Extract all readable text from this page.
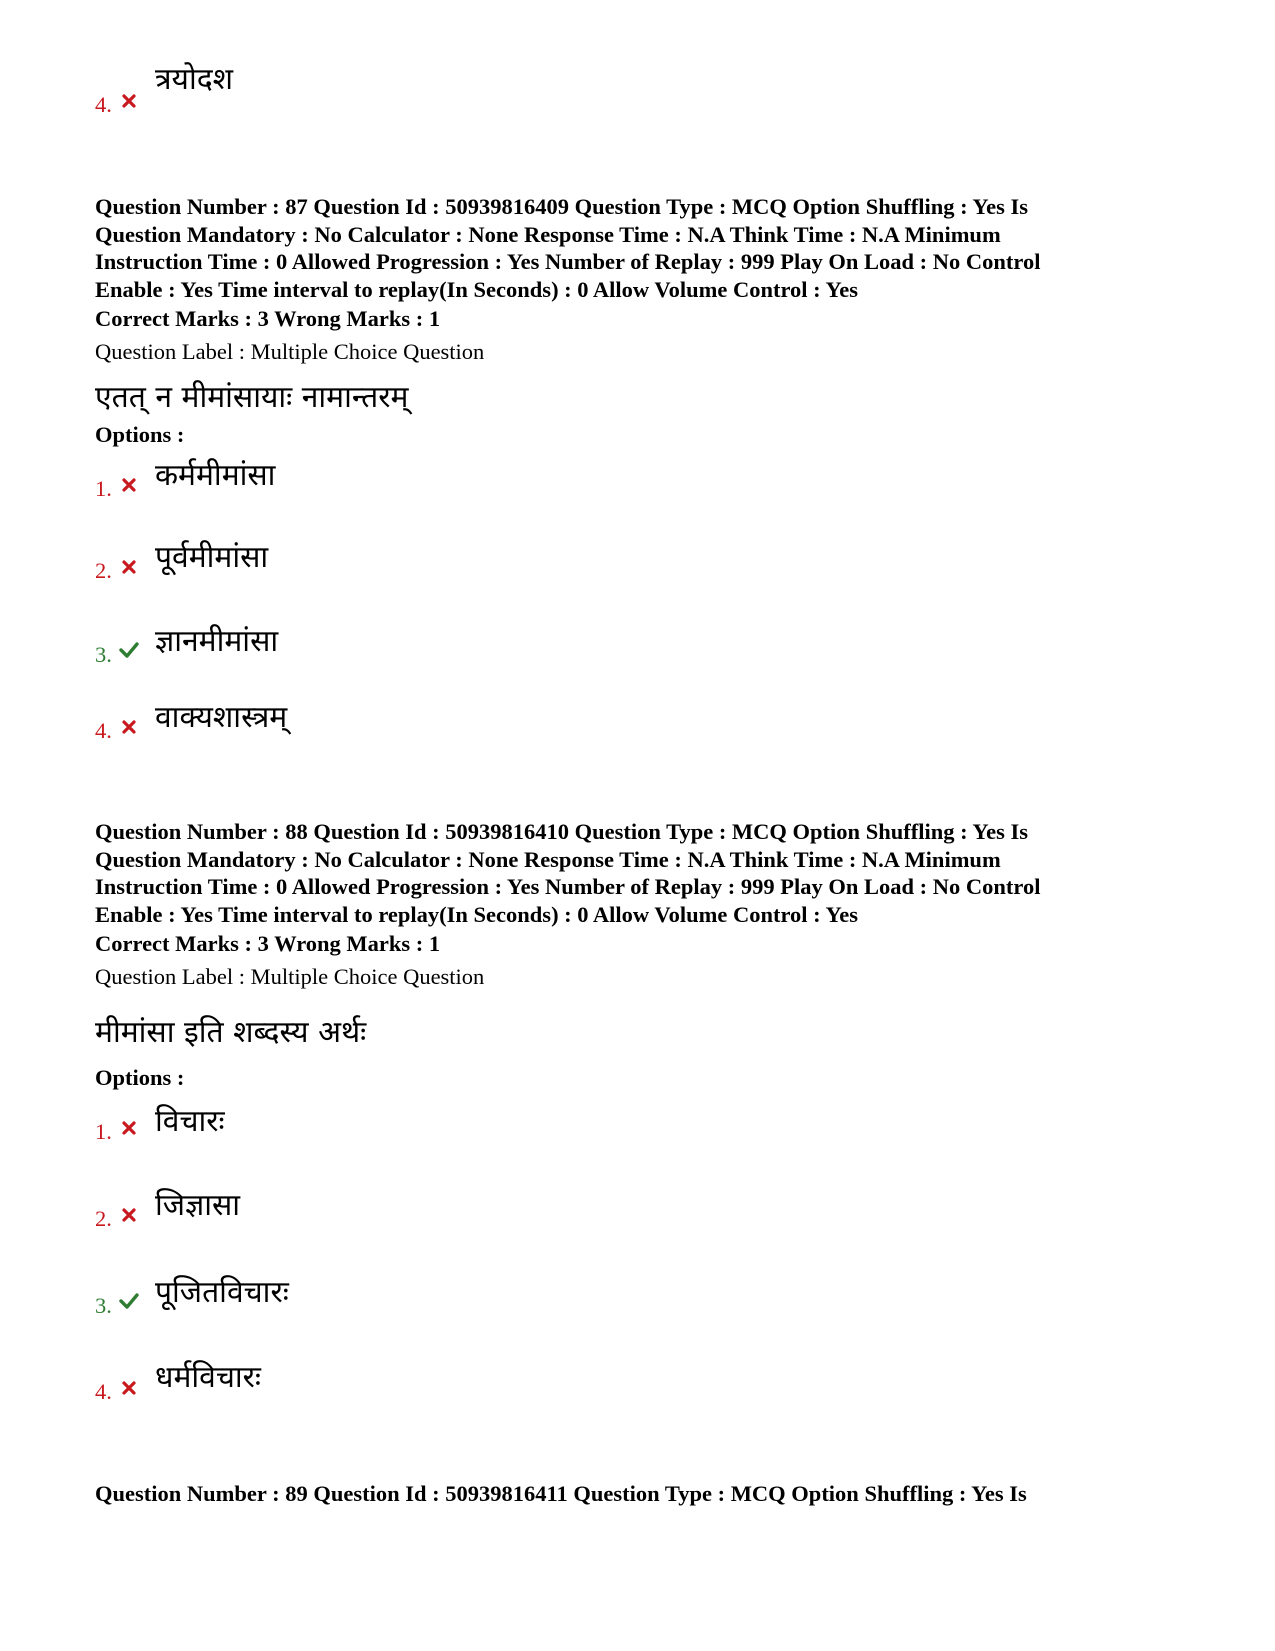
4.
त्रयोदश
Question Number : 87 Question Id : 50939816409 Question Type : MCQ Option Shuffling : Yes Is
Question Mandatory : No Calculator : None Response Time : N.A Think Time : N.A Minimum
Instruction Time : 0 Allowed Progression : Yes Number of Replay : 999 Play On Load : No Control
Enable : Yes Time interval to replay(In Seconds) : 0 Allow Volume Control : Yes
Correct Marks : 3 Wrong Marks : 1
Question Label : Multiple Choice Question
एतत् न मीमांसायाः नामान्तरम्
Options :
1. कर्ममीमांसा
2. पूर्वमीमांसा
3. ज्ञानमीमांसा
4. वाक्यशास्त्रम्
Question Number : 88 Question Id : 50939816410 Question Type : MCQ Option Shuffling : Yes Is
Question Mandatory : No Calculator : None Response Time : N.A Think Time : N.A Minimum
Instruction Time : 0 Allowed Progression : Yes Number of Replay : 999 Play On Load : No Control
Enable : Yes Time interval to replay(In Seconds) : 0 Allow Volume Control : Yes
Correct Marks : 3 Wrong Marks : 1
Question Label : Multiple Choice Question
मीमांसा इति शब्दस्य अर्थः
Options :
1. विचारः
2. जिज्ञासा
3. पूजितविचारः
4. धर्मविचारः
Question Number : 89 Question Id : 50939816411 Question Type : MCQ Option Shuffling : Yes Is
